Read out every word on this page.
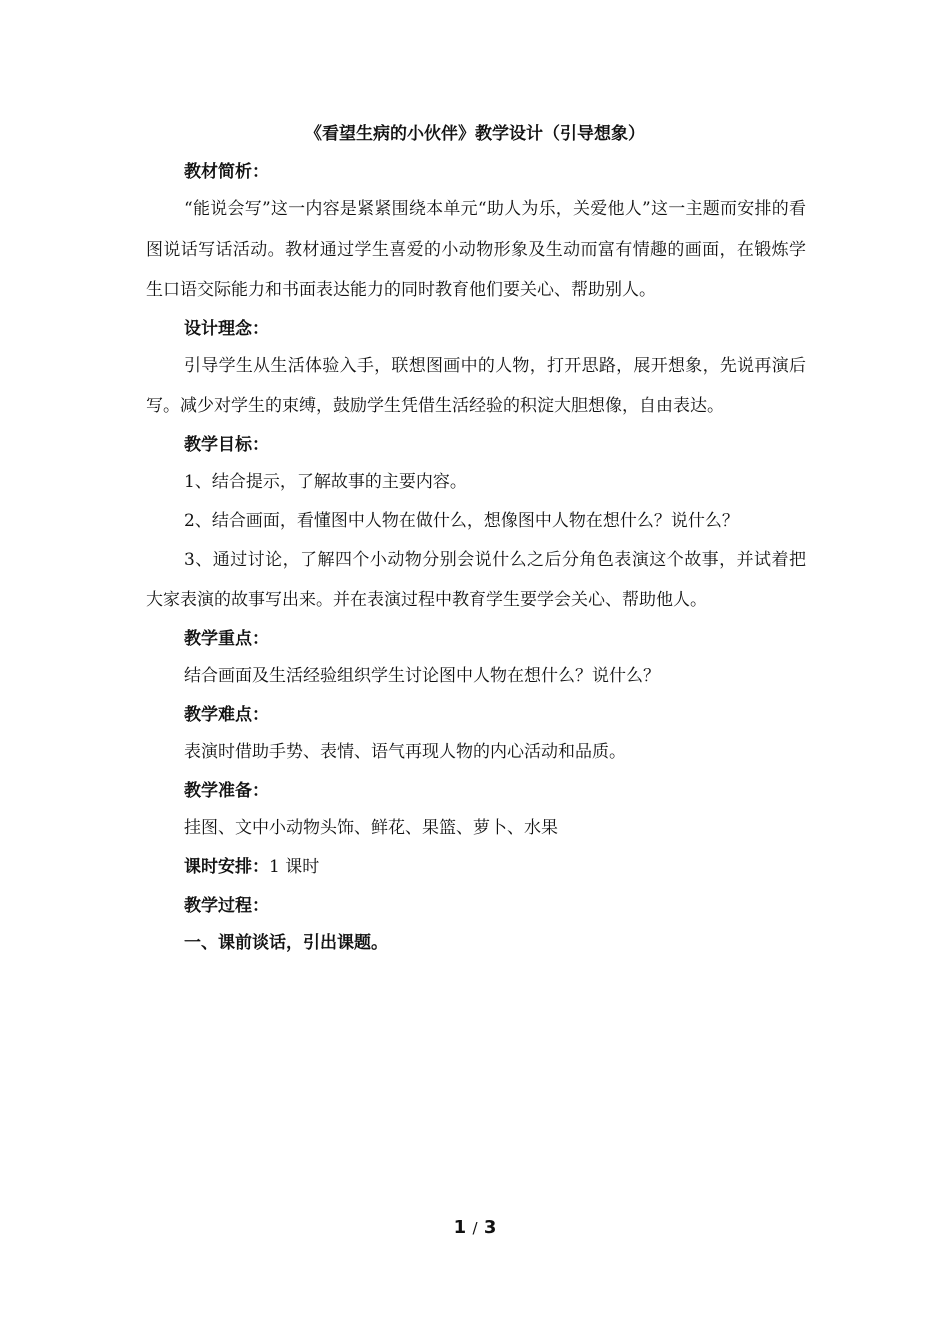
《看望生病的小伙伴》教学设计（引导想象）
教材简析：
“能说会写”这一内容是紧紧围绕本单元“助人为乐，关爱他人”这一主题而安排的看图说话写话活动。教材通过学生喜爱的小动物形象及生动而富有情趣的画面，在锻炼学生口语交际能力和书面表达能力的同时教育他们要关心、帮助别人。
设计理念：
引导学生从生活体验入手，联想图画中的人物，打开思路，展开想象，先说再演后写。减少对学生的束缚，鼓励学生凭借生活经验的积淀大胆想像，自由表达。
教学目标：
1、结合提示，了解故事的主要内容。
2、结合画面，看懂图中人物在做什么，想像图中人物在想什么？说什么？
3、通过讨论，了解四个小动物分别会说什么之后分角色表演这个故事，并试着把大家表演的故事写出来。并在表演过程中教育学生要学会关心、帮助他人。
教学重点：
结合画面及生活经验组织学生讨论图中人物在想什么？说什么？
教学难点：
表演时借助手势、表情、语气再现人物的内心活动和品质。
教学准备：
挂图、文中小动物头饰、鲜花、果篮、萝卜、水果
课时安排：1 课时
教学过程：
一、课前谈话，引出课题。
1 / 3
